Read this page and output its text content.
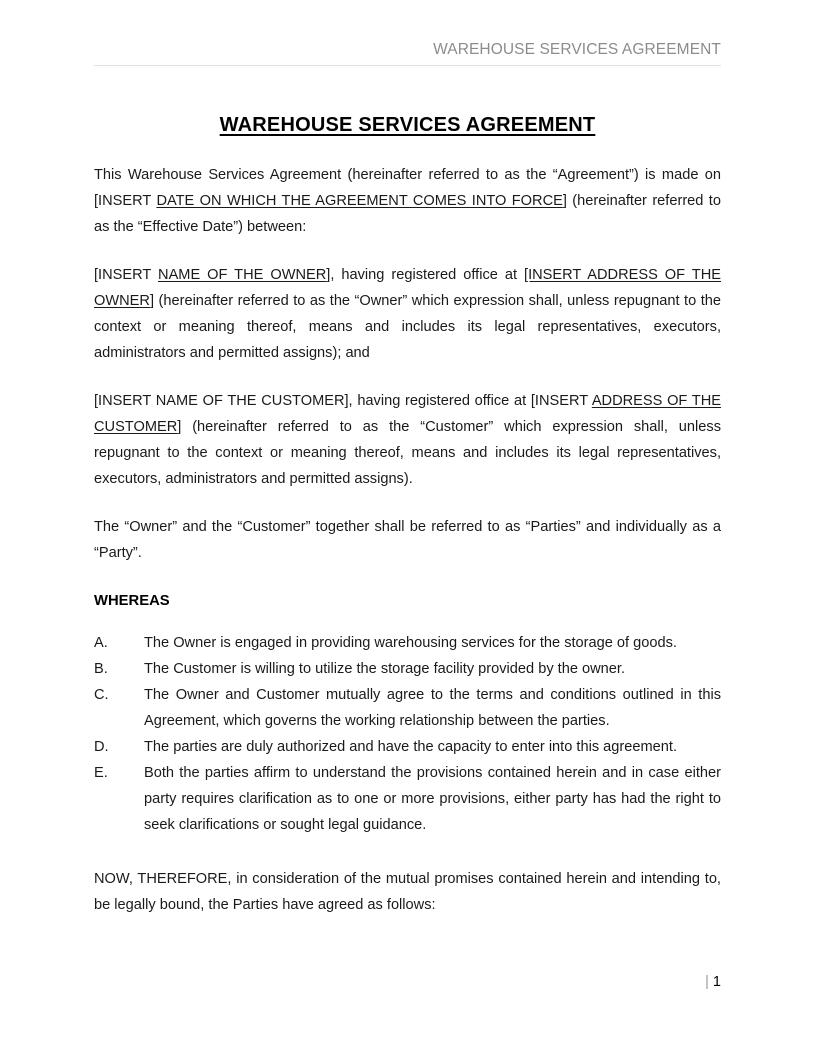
WAREHOUSE SERVICES AGREEMENT
WAREHOUSE SERVICES AGREEMENT

This Warehouse Services Agreement (hereinafter referred to as the “Agreement”) is made on [INSERT DATE ON WHICH THE AGREEMENT COMES INTO FORCE] (hereinafter referred to as the “Effective Date”) between:

[INSERT NAME OF THE OWNER], having registered office at [INSERT ADDRESS OF THE OWNER] (hereinafter referred to as the “Owner” which expression shall, unless repugnant to the context or meaning thereof, means and includes its legal representatives, executors, administrators and permitted assigns); and

[INSERT NAME OF THE CUSTOMER], having registered office at [INSERT ADDRESS OF THE CUSTOMER] (hereinafter referred to as the “Customer” which expression shall, unless repugnant to the context or meaning thereof, means and includes its legal representatives, executors, administrators and permitted assigns).

The “Owner” and the “Customer” together shall be referred to as “Parties” and individually as a “Party”.

WHEREAS
A.	The Owner is engaged in providing warehousing services for the storage of goods.
B.	The Customer is willing to utilize the storage facility provided by the owner.
C.	The Owner and Customer mutually agree to the terms and conditions outlined in this Agreement, which governs the working relationship between the parties.
D.	The parties are duly authorized and have the capacity to enter into this agreement.
E.	Both the parties affirm to understand the provisions contained herein and in case either party requires clarification as to one or more provisions, either party has had the right to seek clarifications or sought legal guidance.

NOW, THEREFORE, in consideration of the mutual promises contained herein and intending to, be legally bound, the Parties have agreed as follows:

| 1
